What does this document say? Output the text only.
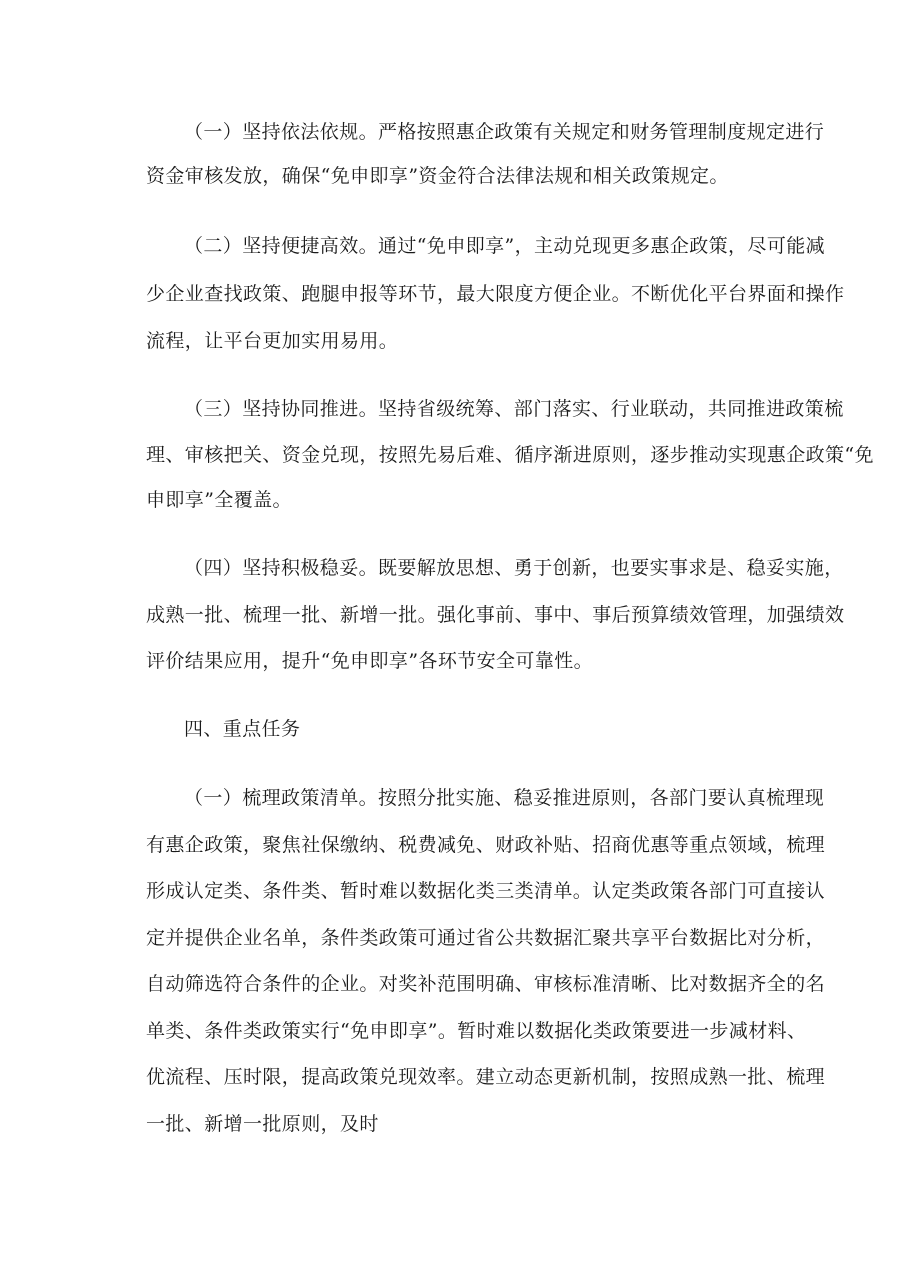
（一）坚持依法依规。严格按照惠企政策有关规定和财务管理制度规定进行
资金审核发放，确保“免申即享”资金符合法律法规和相关政策规定。
（二）坚持便捷高效。通过“免申即享”，主动兑现更多惠企政策，尽可能减
少企业查找政策、跑腿申报等环节，最大限度方便企业。不断优化平台界面和操作
流程，让平台更加实用易用。
（三）坚持协同推进。坚持省级统筹、部门落实、行业联动，共同推进政策梳
理、审核把关、资金兑现，按照先易后难、循序渐进原则，逐步推动实现惠企政策“免
申即享”全覆盖。
（四）坚持积极稳妥。既要解放思想、勇于创新，也要实事求是、稳妥实施，
成熟一批、梳理一批、新增一批。强化事前、事中、事后预算绩效管理，加强绩效
评价结果应用，提升“免申即享”各环节安全可靠性。
四、重点任务
（一）梳理政策清单。按照分批实施、稳妥推进原则，各部门要认真梳理现
有惠企政策，聚焦社保缴纳、税费减免、财政补贴、招商优惠等重点领域，梳理
形成认定类、条件类、暂时难以数据化类三类清单。认定类政策各部门可直接认
定并提供企业名单，条件类政策可通过省公共数据汇聚共享平台数据比对分析，
自动筛选符合条件的企业。对奖补范围明确、审核标准清晰、比对数据齐全的名
单类、条件类政策实行“免申即享”。暂时难以数据化类政策要进一步减材料、
优流程、压时限，提高政策兑现效率。建立动态更新机制，按照成熟一批、梳理
一批、新增一批原则，及时
